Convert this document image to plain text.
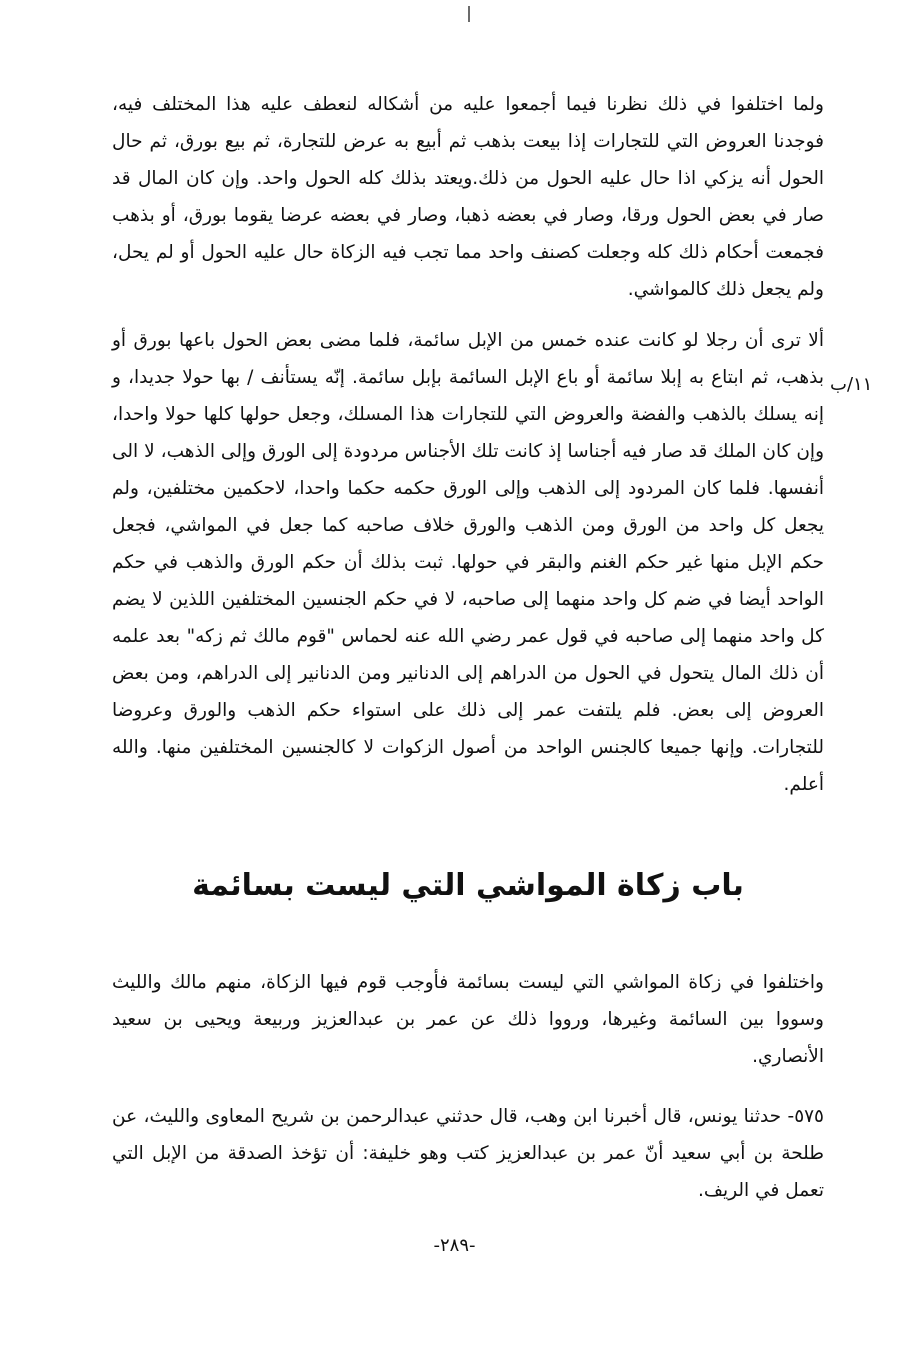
ولما اختلفوا في ذلك نظرنا فيما أجمعوا عليه من أشكاله لنعطف عليه هذا المختلف فيه، فوجدنا العروض التي للتجارات إذا بيعت بذهب ثم أبيع به عرض للتجارة، ثم بيع بورق، ثم حال الحول أنه يزكي اذا حال عليه الحول من ذلك.ويعتد بذلك كله الحول واحد. وإن كان المال قد صار في بعض الحول ورقا، وصار في بعضه ذهبا، وصار في بعضه عرضا يقوما بورق، أو بذهب فجمعت أحكام ذلك كله وجعلت كصنف واحد مما تجب فيه الزكاة حال عليه الحول أو لم يحل، ولم يجعل ذلك كالمواشي.
١١/ب
ألا ترى أن رجلا لو كانت عنده خمس من الإبل سائمة، فلما مضى بعض الحول باعها بورق أو بذهب، ثم ابتاع به إبلا سائمة أو باع الإبل السائمة بإبل سائمة. إنّه يستأنف / بها حولا جديدا، و إنه يسلك بالذهب والفضة والعروض التي للتجارات هذا المسلك، وجعل حولها كلها حولا واحدا، وإن كان الملك قد صار فيه أجناسا إذ كانت تلك الأجناس مردودة إلى الورق وإلى الذهب، لا الى أنفسها. فلما كان المردود إلى الذهب وإلى الورق حكمه حكما واحدا، لاحكمين مختلفين، ولم يجعل كل واحد من الورق ومن الذهب والورق خلاف صاحبه كما جعل في المواشي، فجعل حكم الإبل منها غير حكم الغنم والبقر في حولها. ثبت بذلك أن حكم الورق والذهب في حكم الواحد أيضا في ضم كل واحد منهما إلى صاحبه، لا في حكم الجنسين المختلفين اللذين لا يضم كل واحد منهما إلى صاحبه في قول عمر رضي الله عنه لحماس "قوم مالك ثم زكه" بعد علمه أن ذلك المال يتحول في الحول من الدراهم إلى الدنانير ومن الدنانير إلى الدراهم، ومن بعض العروض إلى بعض. فلم يلتفت عمر إلى ذلك على استواء حكم الذهب والورق وعروضا للتجارات. وإنها جميعا كالجنس الواحد من أصول الزكوات لا كالجنسين المختلفين منها. والله أعلم.
باب زكاة المواشي التي ليست بسائمة
واختلفوا في زكاة المواشي التي ليست بسائمة فأوجب قوم فيها الزكاة، منهم مالك والليث وسووا بين السائمة وغيرها، ورووا ذلك عن عمر بن عبدالعزيز وربيعة ويحيى بن سعيد الأنصاري.
٥٧٥- حدثنا يونس، قال أخبرنا ابن وهب، قال حدثني عبدالرحمن بن شريح المعاوى والليث، عن طلحة بن أبي سعيد أنّ عمر بن عبدالعزيز كتب وهو خليفة: أن تؤخذ الصدقة من الإبل التي تعمل في الريف.
-٢٨٩-
